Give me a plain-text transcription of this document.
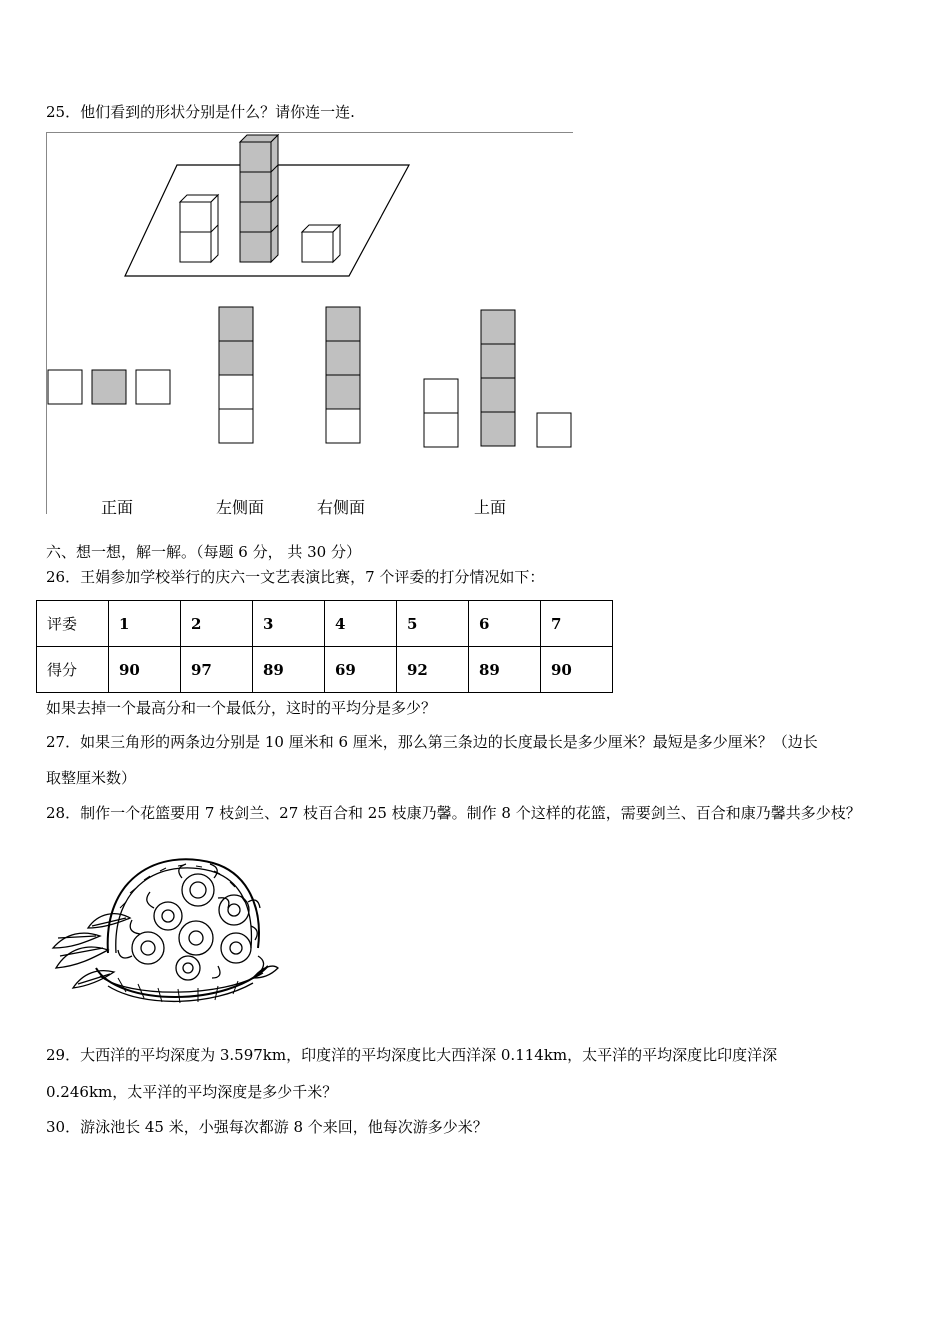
25．他们看到的形状分别是什么？请你连一连.
正面	左侧面	右侧面	上面
六、想一想，解一解。（每题 6 分， 共 30 分）
26．王娟参加学校举行的庆六一文艺表演比赛，7 个评委的打分情况如下：
评委	1	2	3	4	5	6	7
得分	90	97	89	69	92	89	90
如果去掉一个最高分和一个最低分，这时的平均分是多少？
27．如果三角形的两条边分别是 10 厘米和 6 厘米，那么第三条边的长度最长是多少厘米？最短是多少厘米？（边长
取整厘米数）
28．制作一个花篮要用 7 枝剑兰、27 枝百合和 25 枝康乃馨。制作 8 个这样的花篮，需要剑兰、百合和康乃馨共多少枝？
29．大西洋的平均深度为 3.597km，印度洋的平均深度比大西洋深 0.114km，太平洋的平均深度比印度洋深
0.246km，太平洋的平均深度是多少千米？
30．游泳池长 45 米，小强每次都游 8 个来回，他每次游多少米？
